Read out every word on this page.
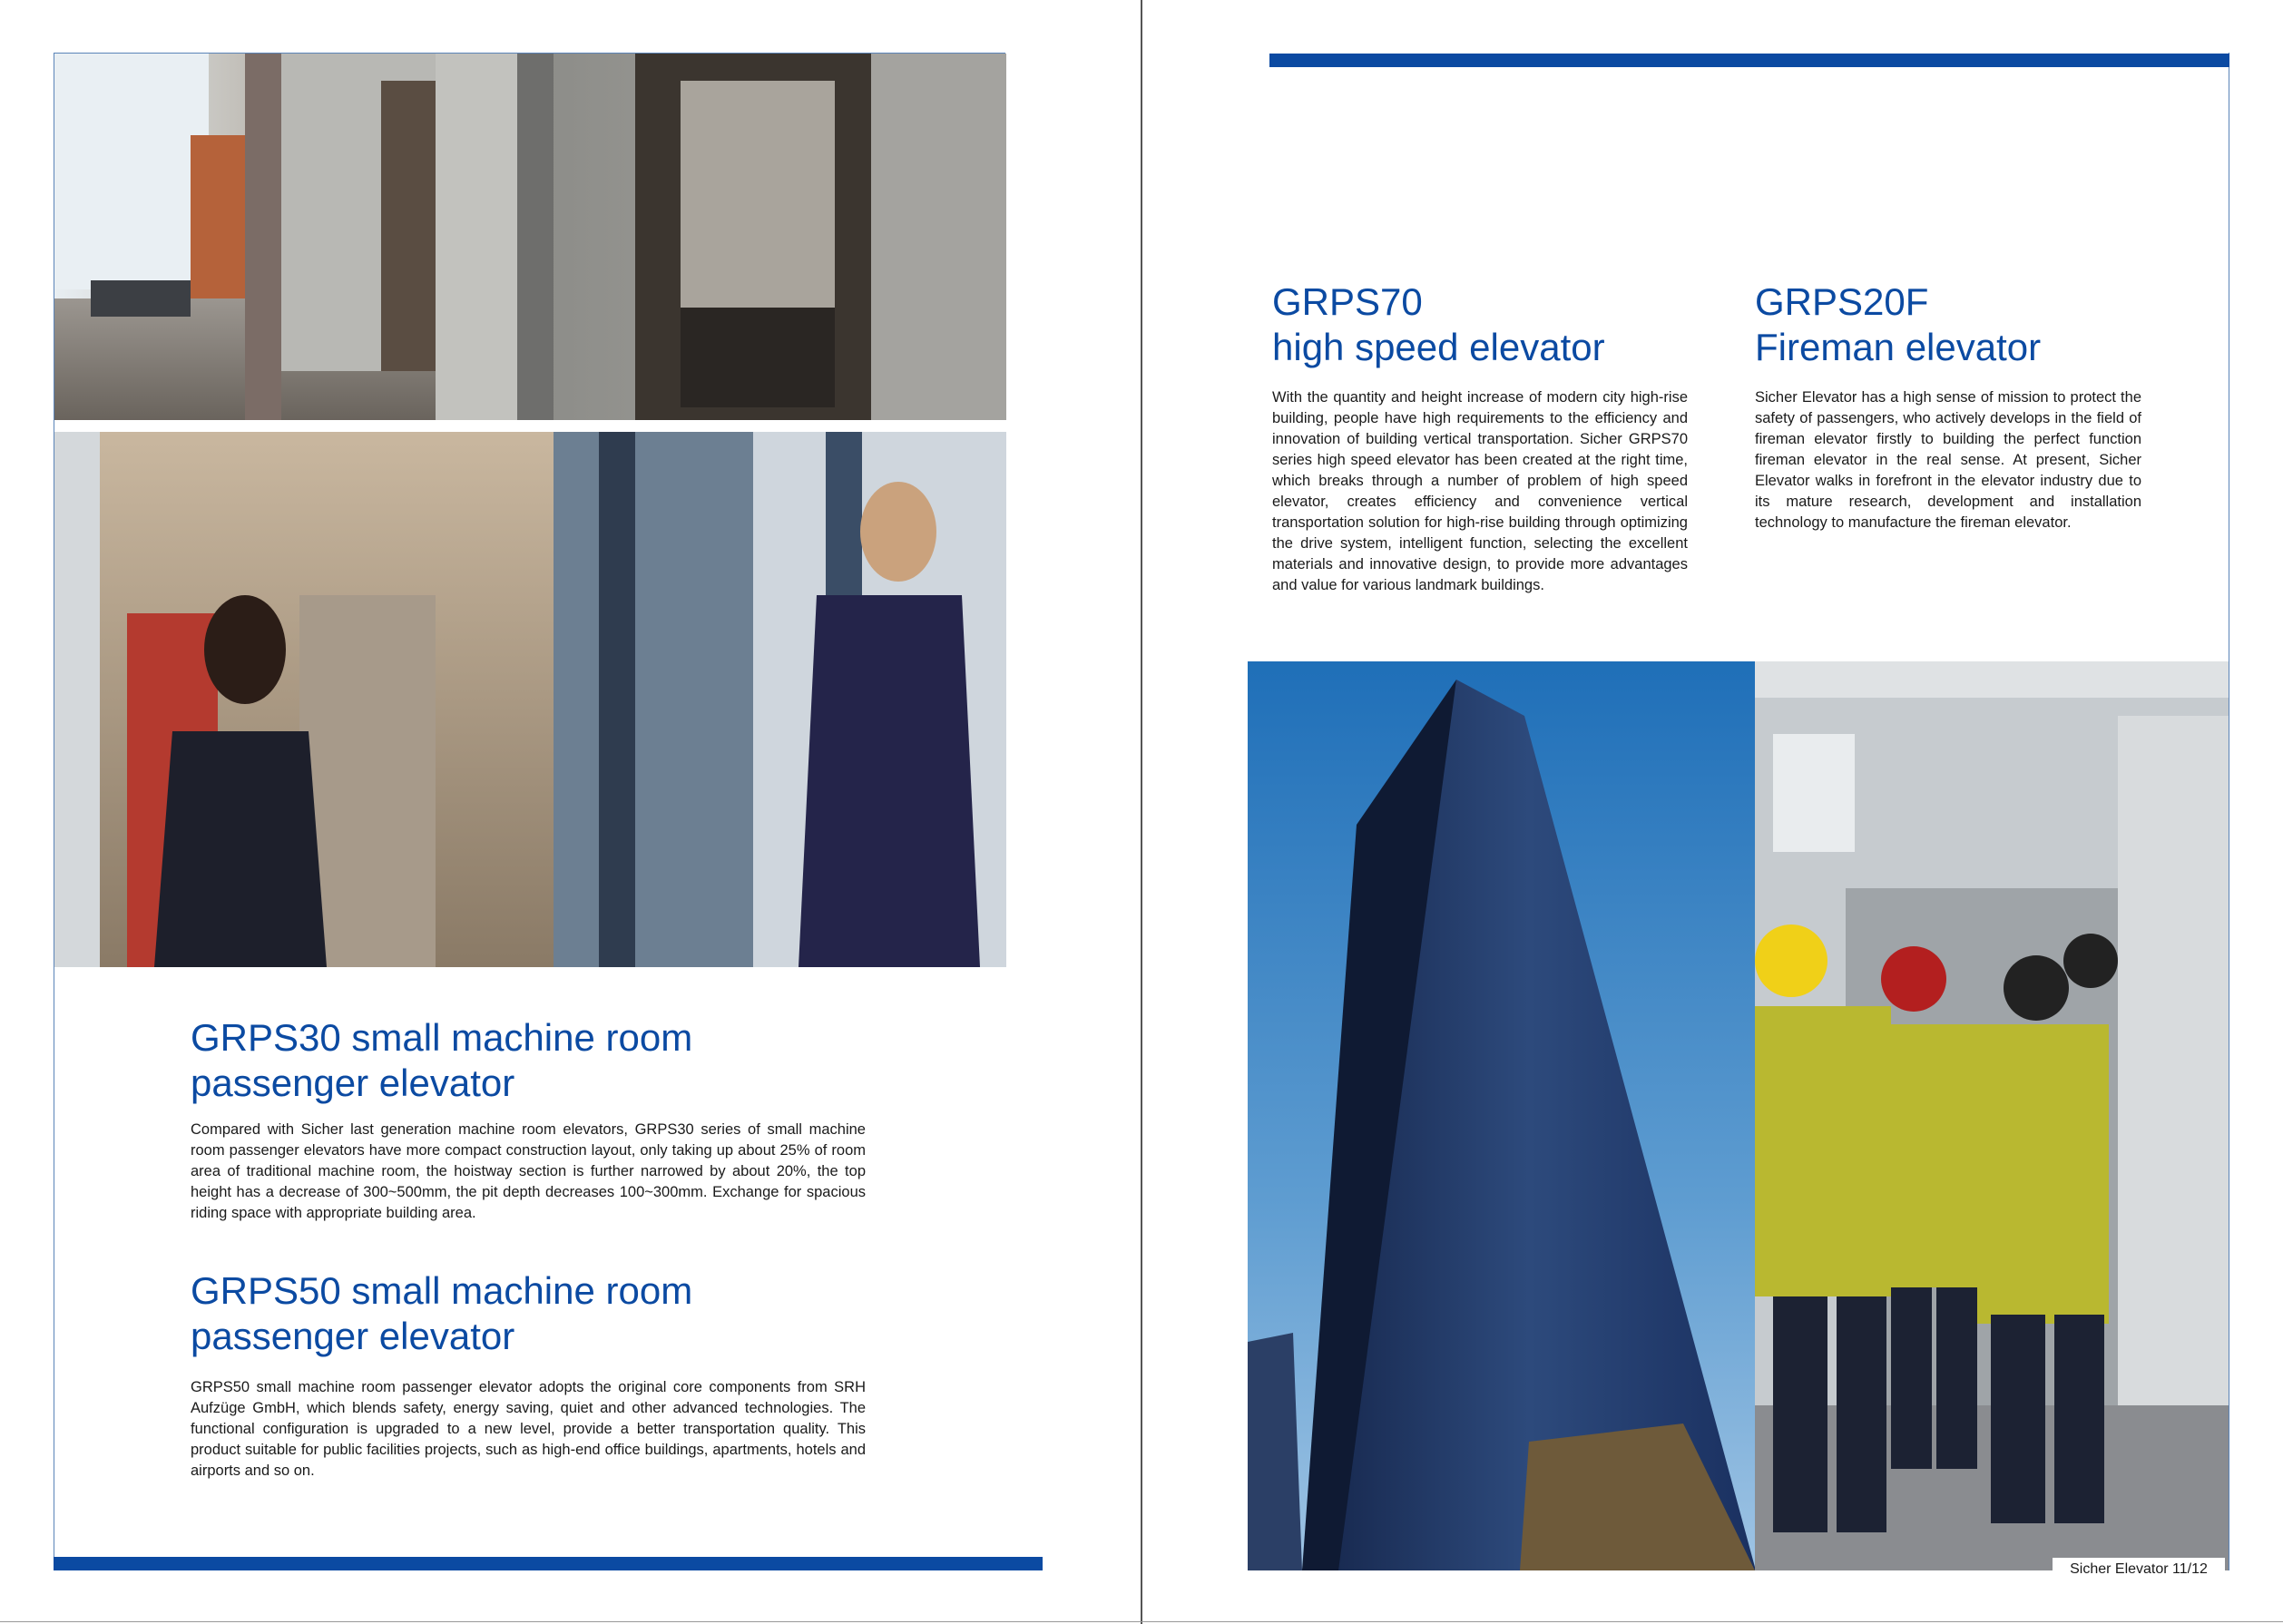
GRPS30 small machine room
passenger elevator

Compared with Sicher last generation machine room elevators, GRPS30 series of small machine room passenger elevators have more compact construction layout, only taking up about 25% of room area of traditional machine room, the hoistway section is further narrowed by about 20%, the top height has a decrease of 300~500mm, the pit depth decreases 100~300mm. Exchange for spacious riding space with appropriate building area.

GRPS50 small machine room
passenger elevator

GRPS50 small machine room passenger elevator adopts the original core components from SRH Aufzüge GmbH, which blends safety, energy saving, quiet and other advanced technologies. The functional configuration is upgraded to a new level, provide a better transportation quality. This product suitable for public facilities projects, such as high-end office buildings, apartments, hotels and airports and so on.

GRPS70
high speed elevator

With the quantity and height increase of modern city high-rise building, people have high requirements to the efficiency and innovation of building vertical transportation. Sicher GRPS70 series high speed elevator has been created at the right time, which breaks through a number of problem of high speed elevator, creates efficiency and convenience vertical transportation solution for high-rise building through optimizing the drive system, intelligent function, selecting the excellent materials and innovative design, to provide more advantages and value for various landmark buildings.

GRPS20F
Fireman elevator

Sicher Elevator has a high sense of mission to protect the safety of passengers, who actively develops in the field of fireman elevator firstly to building the perfect function fireman elevator in the real sense. At present, Sicher Elevator walks in forefront in the elevator industry due to its mature research, development and installation technology to manufacture the fireman elevator.

Sicher Elevator 11/12
